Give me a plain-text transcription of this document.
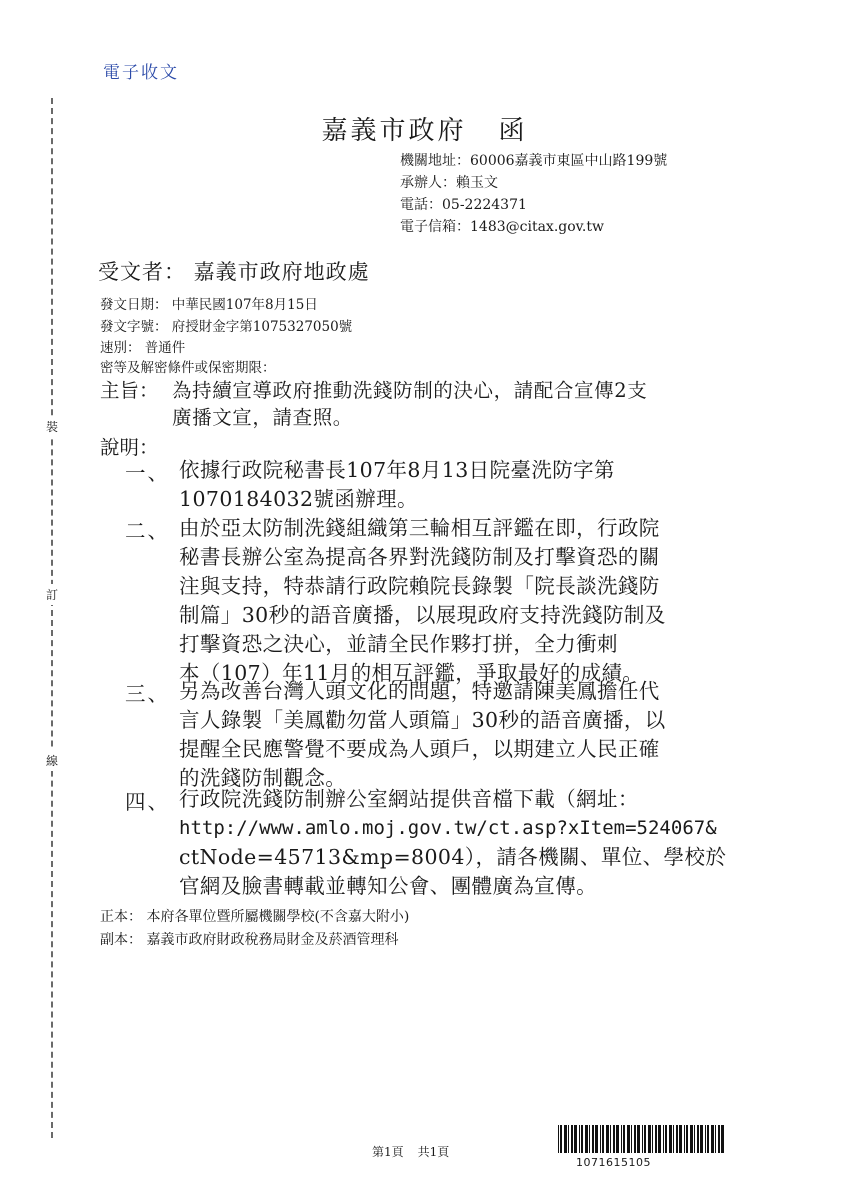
電子收文
裝
訂
線
嘉義市政府 函
機關地址：60006嘉義市東區中山路199號
承辦人：賴玉文
電話：05-2224371
電子信箱：1483@citax.gov.tw
受文者： 嘉義市政府地政處
發文日期： 中華民國107年8月15日
發文字號： 府授財金字第1075327050號
速別： 普通件
密等及解密條件或保密期限：
主旨： 為持續宣導政府推動洗錢防制的決心，請配合宣傳2支
廣播文宣，請查照。
說明：
一、 依據行政院秘書長107年8月13日院臺洗防字第
1070184032號函辦理。
二、 由於亞太防制洗錢組織第三輪相互評鑑在即，行政院
秘書長辦公室為提高各界對洗錢防制及打擊資恐的關
注與支持，特恭請行政院賴院長錄製「院長談洗錢防
制篇」30秒的語音廣播，以展現政府支持洗錢防制及
打擊資恐之決心，並請全民作夥打拼，全力衝刺
本（107）年11月的相互評鑑，爭取最好的成績。
三、 另為改善台灣人頭文化的問題，特邀請陳美鳳擔任代
言人錄製「美鳳勸勿當人頭篇」30秒的語音廣播，以
提醒全民應警覺不要成為人頭戶，以期建立人民正確
的洗錢防制觀念。
四、 行政院洗錢防制辦公室網站提供音檔下載（網址：
http://www.amlo.moj.gov.tw/ct.asp?xItem=524067&
ctNode=45713&mp=8004），請各機關、單位、學校於
官網及臉書轉載並轉知公會、團體廣為宣傳。
正本： 本府各單位暨所屬機關學校(不含嘉大附小)
副本： 嘉義市政府財政稅務局財金及菸酒管理科
第1頁 共1頁
1071615105
